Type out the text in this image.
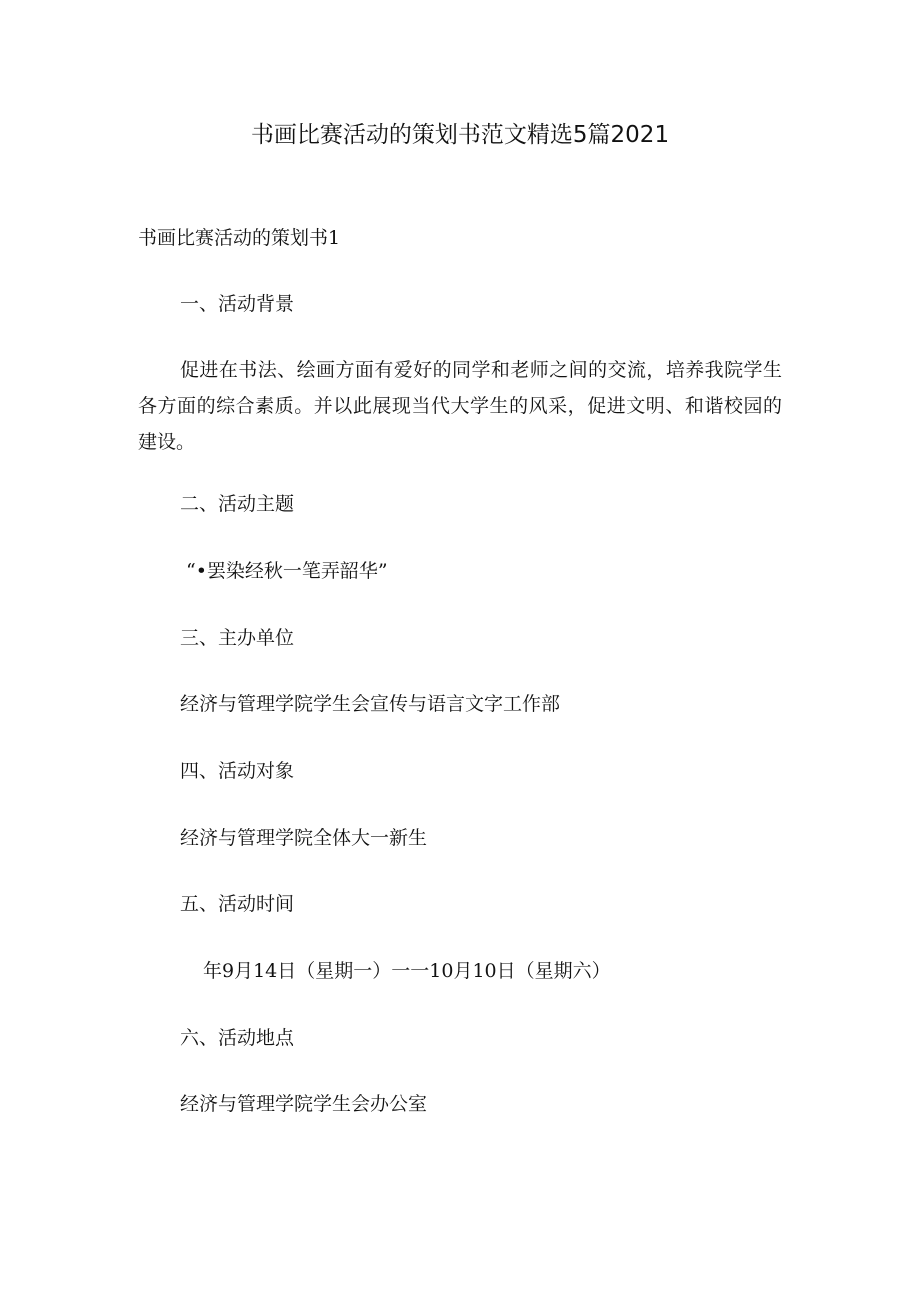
书画比赛活动的策划书范文精选5篇2021
书画比赛活动的策划书1
一、活动背景
促进在书法、绘画方面有爱好的同学和老师之间的交流，培养我院学生各方面的综合素质。并以此展现当代大学生的风采，促进文明、和谐校园的建设。
二、活动主题
“•罢染经秋一笔弄韶华”
三、主办单位
经济与管理学院学生会宣传与语言文字工作部
四、活动对象
经济与管理学院全体大一新生
五、活动时间
年9月14日（星期一）一一10月10日（星期六）
六、活动地点
经济与管理学院学生会办公室
